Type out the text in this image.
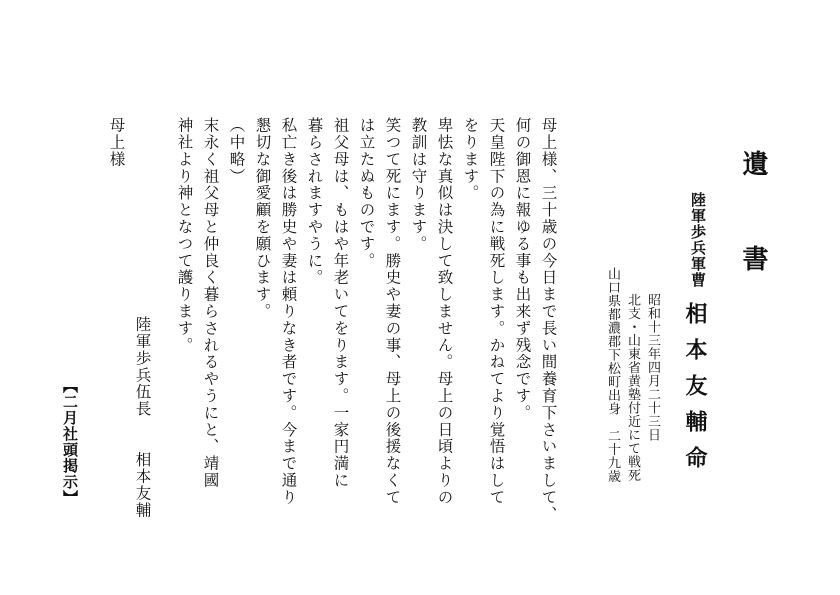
遺
書
陸軍歩兵軍曹
相本友輔命
昭和十三年四月二十三日
北支・山東省黄塾付近にて戦死
山口県都濃郡下松町出身　二十九歳
母上様、三十歳の今日まで長い間養育下さいまして、
何の御恩に報ゆる事も出来ず残念です。
天皇陛下の為に戦死します。かねてより覚悟はして
をります。
卑怯な真似は決して致しません。母上の日頃よりの
教訓は守ります。
笑つて死にます。勝史や妻の事、母上の後援なくて
は立たぬものです。
祖父母は、もはや年老いてをります。一家円満に
暮らされますやうに。
私亡き後は勝史や妻は頼りなき者です。今まで通り
懇切な御愛顧を願ひます。
（中略）
末永く祖父母と仲良く暮らされるやうにと、靖國
神社より神となつて護ります。
陸軍歩兵伍長　　相本友輔
母上様
【二月社頭掲示】
